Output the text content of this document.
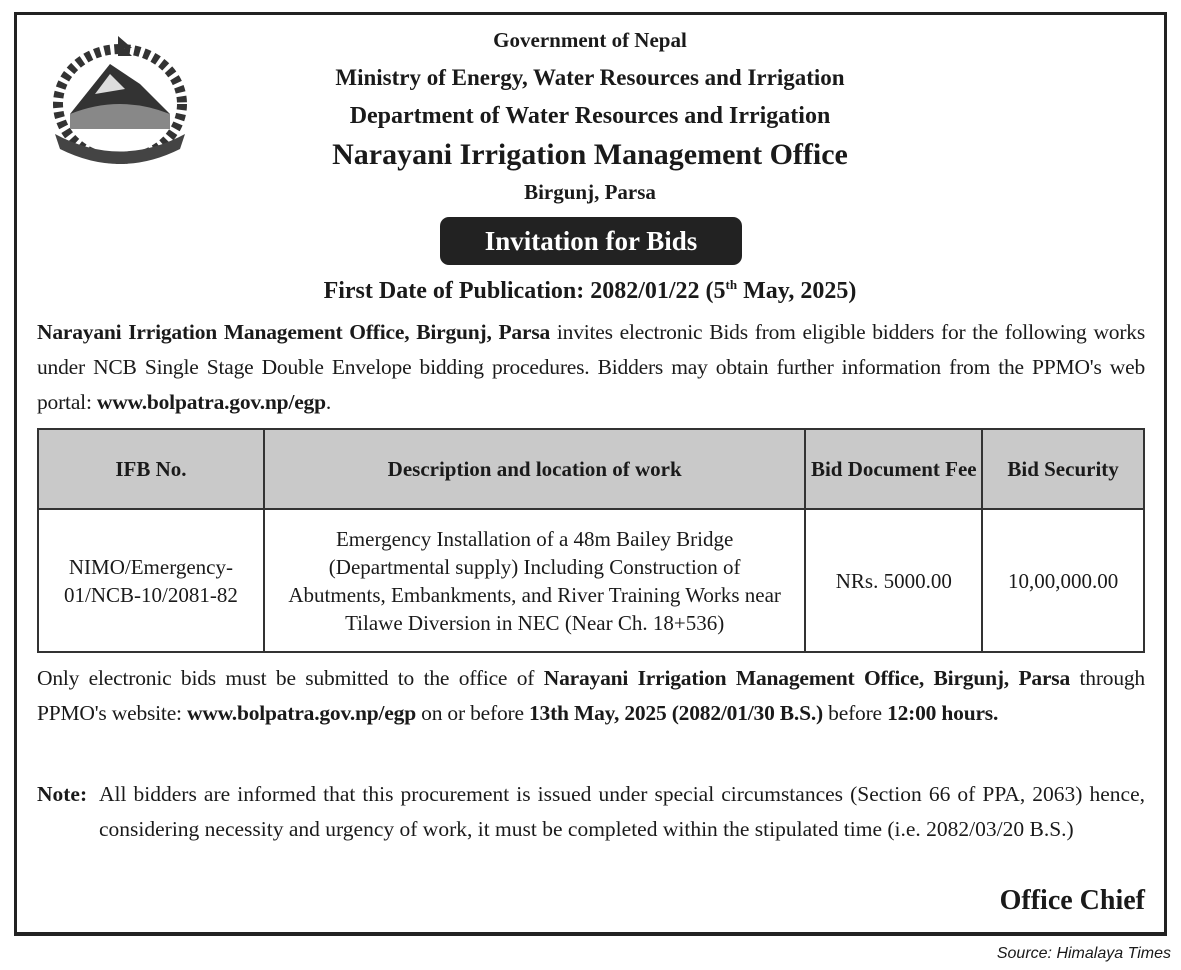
Government of Nepal
Ministry of Energy, Water Resources and Irrigation
Department of Water Resources and Irrigation
Narayani Irrigation Management Office
Birgunj, Parsa
Invitation for Bids
First Date of Publication: 2082/01/22 (5th May, 2025)
Narayani Irrigation Management Office, Birgunj, Parsa invites electronic Bids from eligible bidders for the following works under NCB Single Stage Double Envelope bidding procedures. Bidders may obtain further information from the PPMO's web portal: www.bolpatra.gov.np/egp.
IFB No.	Description and location of work	Bid Document Fee	Bid Security
NIMO/Emergency-01/NCB-10/2081-82	Emergency Installation of a 48m Bailey Bridge (Departmental supply) Including Construction of Abutments, Embankments, and River Training Works near Tilawe Diversion in NEC (Near Ch. 18+536)	NRs. 5000.00	10,00,000.00
Only electronic bids must be submitted to the office of Narayani Irrigation Management Office, Birgunj, Parsa through PPMO's website: www.bolpatra.gov.np/egp on or before 13th May, 2025 (2082/01/30 B.S.) before 12:00 hours.
Note: All bidders are informed that this procurement is issued under special circumstances (Section 66 of PPA, 2063) hence, considering necessity and urgency of work, it must be completed within the stipulated time (i.e. 2082/03/20 B.S.)
Office Chief
Source: Himalaya Times
